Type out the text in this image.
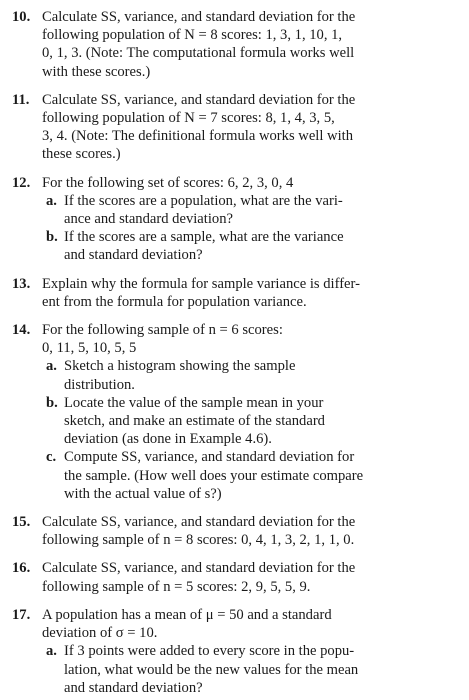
10. Calculate SS, variance, and standard deviation for the
following population of N = 8 scores: 1, 3, 1, 10, 1,
0, 1, 3. (Note: The computational formula works well
with these scores.)
11. Calculate SS, variance, and standard deviation for the
following population of N = 7 scores: 8, 1, 4, 3, 5,
3, 4. (Note: The definitional formula works well with
these scores.)
12. For the following set of scores: 6, 2, 3, 0, 4
a. If the scores are a population, what are the vari-
ance and standard deviation?
b. If the scores are a sample, what are the variance
and standard deviation?
13. Explain why the formula for sample variance is differ-
ent from the formula for population variance.
14. For the following sample of n = 6 scores:
0, 11, 5, 10, 5, 5
a. Sketch a histogram showing the sample
distribution.
b. Locate the value of the sample mean in your
sketch, and make an estimate of the standard
deviation (as done in Example 4.6).
c. Compute SS, variance, and standard deviation for
the sample. (How well does your estimate compare
with the actual value of s?)
15. Calculate SS, variance, and standard deviation for the
following sample of n = 8 scores: 0, 4, 1, 3, 2, 1, 1, 0.
16. Calculate SS, variance, and standard deviation for the
following sample of n = 5 scores: 2, 9, 5, 5, 9.
17. A population has a mean of μ = 50 and a standard
deviation of σ = 10.
a. If 3 points were added to every score in the popu-
lation, what would be the new values for the mean
and standard deviation?
